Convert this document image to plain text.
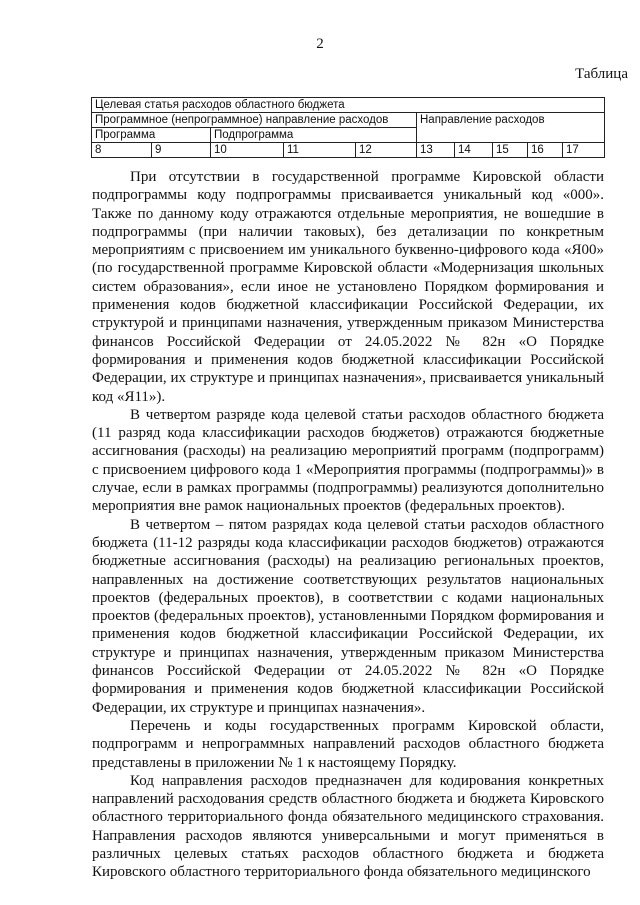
2
Таблица
Целевая статья расходов областного бюджета									
Программное (непрограммное) направление расходов					Направление расходов				
Программа		Подпрограмма							
8	9	10	11	12	13	14	15	16	17

При отсутствии в государственной программе Кировской области подпрограммы коду подпрограммы присваивается уникальный код «000». Также по данному коду отражаются отдельные мероприятия, не вошедшие в подпрограммы (при наличии таковых), без детализации по конкретным мероприятиям с присвоением им уникального буквенно-цифрового кода «Я00» (по государственной программе Кировской области «Модернизация школьных систем образования», если иное не установлено Порядком формирования и применения кодов бюджетной классификации Российской Федерации, их структурой и принципами назначения, утвержденным приказом Министерства финансов Российской Федерации от 24.05.2022 № 82н «О Порядке формирования и применения кодов бюджетной классификации Российской Федерации, их структуре и принципах назначения», присваивается уникальный код «Я11»).

В четвертом разряде кода целевой статьи расходов областного бюджета (11 разряд кода классификации расходов бюджетов) отражаются бюджетные ассигнования (расходы) на реализацию мероприятий программ (подпрограмм) с присвоением цифрового кода 1 «Мероприятия программы (подпрограммы)» в случае, если в рамках программы (подпрограммы) реализуются дополнительно мероприятия вне рамок национальных проектов (федеральных проектов).

В четвертом – пятом разрядах кода целевой статьи расходов областного бюджета (11-12 разряды кода классификации расходов бюджетов) отражаются бюджетные ассигнования (расходы) на реализацию региональных проектов, направленных на достижение соответствующих результатов национальных проектов (федеральных проектов), в соответствии с кодами национальных проектов (федеральных проектов), установленными Порядком формирования и применения кодов бюджетной классификации Российской Федерации, их структуре и принципах назначения, утвержденным приказом Министерства финансов Российской Федерации от 24.05.2022 № 82н «О Порядке формирования и применения кодов бюджетной классификации Российской Федерации, их структуре и принципах назначения».

Перечень и коды государственных программ Кировской области, подпрограмм и непрограммных направлений расходов областного бюджета представлены в приложении № 1 к настоящему Порядку.

Код направления расходов предназначен для кодирования конкретных направлений расходования средств областного бюджета и бюджета Кировского областного территориального фонда обязательного медицинского страхования. Направления расходов являются универсальными и могут применяться в различных целевых статьях расходов областного бюджета и бюджета Кировского областного территориального фонда обязательного медицинского
